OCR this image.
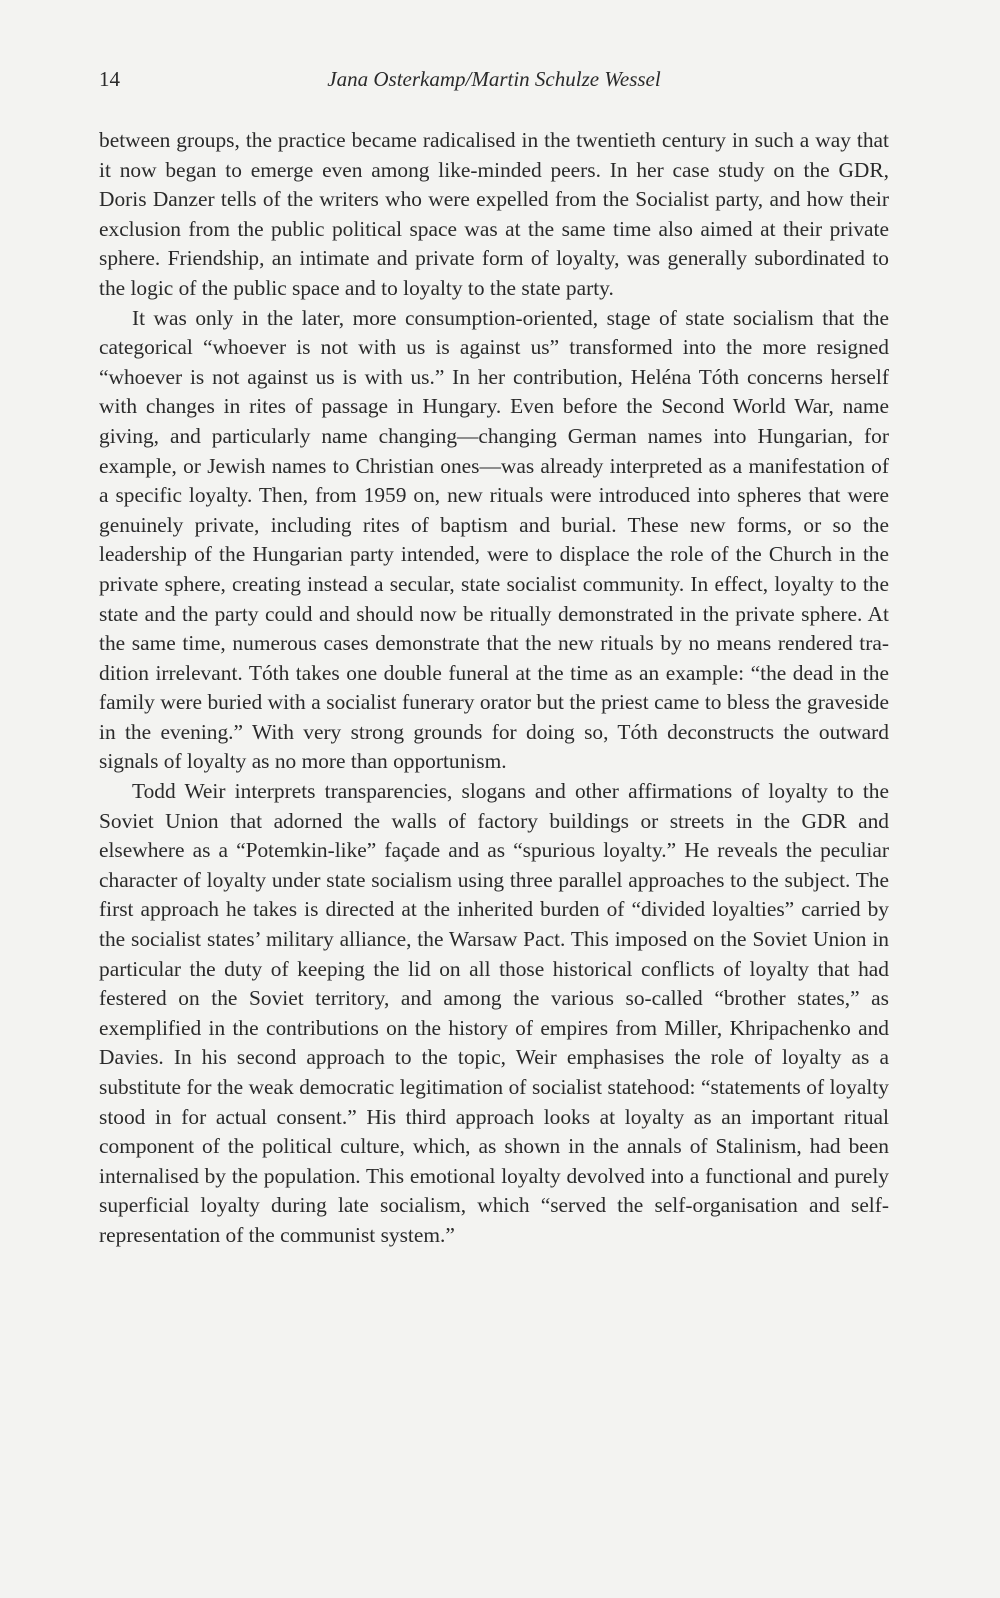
14	Jana Osterkamp/Martin Schulze Wessel

between groups, the practice became radicalised in the twentieth century in such a way that it now began to emerge even among like-minded peers. In her case study on the GDR, Doris Danzer tells of the writers who were expelled from the Socialist party, and how their exclusion from the public political space was at the same time also aimed at their private sphere. Friendship, an intimate and private form of loyalty, was generally subordinated to the logic of the public space and to loyalty to the state party.

It was only in the later, more consumption-oriented, stage of state socialism that the categorical “whoever is not with us is against us” transformed into the more resigned “whoever is not against us is with us.” In her contribution, Heléna Tóth concerns herself with changes in rites of passage in Hungary. Even before the Second World War, name giving, and particularly name changing—changing German names into Hungarian, for example, or Jewish names to Christian ones—was already interpreted as a manifestation of a specific loyalty. Then, from 1959 on, new rituals were introduced into spheres that were genuinely private, including rites of baptism and burial. These new forms, or so the leadership of the Hungarian party intended, were to displace the role of the Church in the private sphere, creating instead a secular, state socialist community. In effect, loyalty to the state and the party could and should now be ritually demonstrated in the private sphere. At the same time, numerous cases demonstrate that the new rituals by no means rendered tradition irrelevant. Tóth takes one double funeral at the time as an example: “the dead in the family were buried with a socialist funerary orator but the priest came to bless the graveside in the evening.” With very strong grounds for doing so, Tóth deconstructs the outward signals of loyalty as no more than opportunism.

Todd Weir interprets transparencies, slogans and other affirmations of loyalty to the Soviet Union that adorned the walls of factory buildings or streets in the GDR and elsewhere as a “Potemkin-like” façade and as “spurious loyalty.” He reveals the peculiar character of loyalty under state socialism using three parallel approaches to the subject. The first approach he takes is directed at the inherited burden of “divided loyalties” carried by the socialist states’ military alliance, the Warsaw Pact. This imposed on the Soviet Union in particular the duty of keeping the lid on all those historical conflicts of loyalty that had festered on the Soviet territory, and among the various so-called “brother states,” as exemplified in the contributions on the history of empires from Miller, Khripachenko and Davies. In his second approach to the topic, Weir emphasises the role of loyalty as a substitute for the weak democratic legitimation of socialist statehood: “statements of loyalty stood in for actual consent.” His third approach looks at loyalty as an important ritual component of the political culture, which, as shown in the annals of Stalinism, had been internalised by the population. This emotional loyalty devolved into a functional and purely superficial loyalty during late socialism, which “served the self-organisation and self-representation of the communist system.”
